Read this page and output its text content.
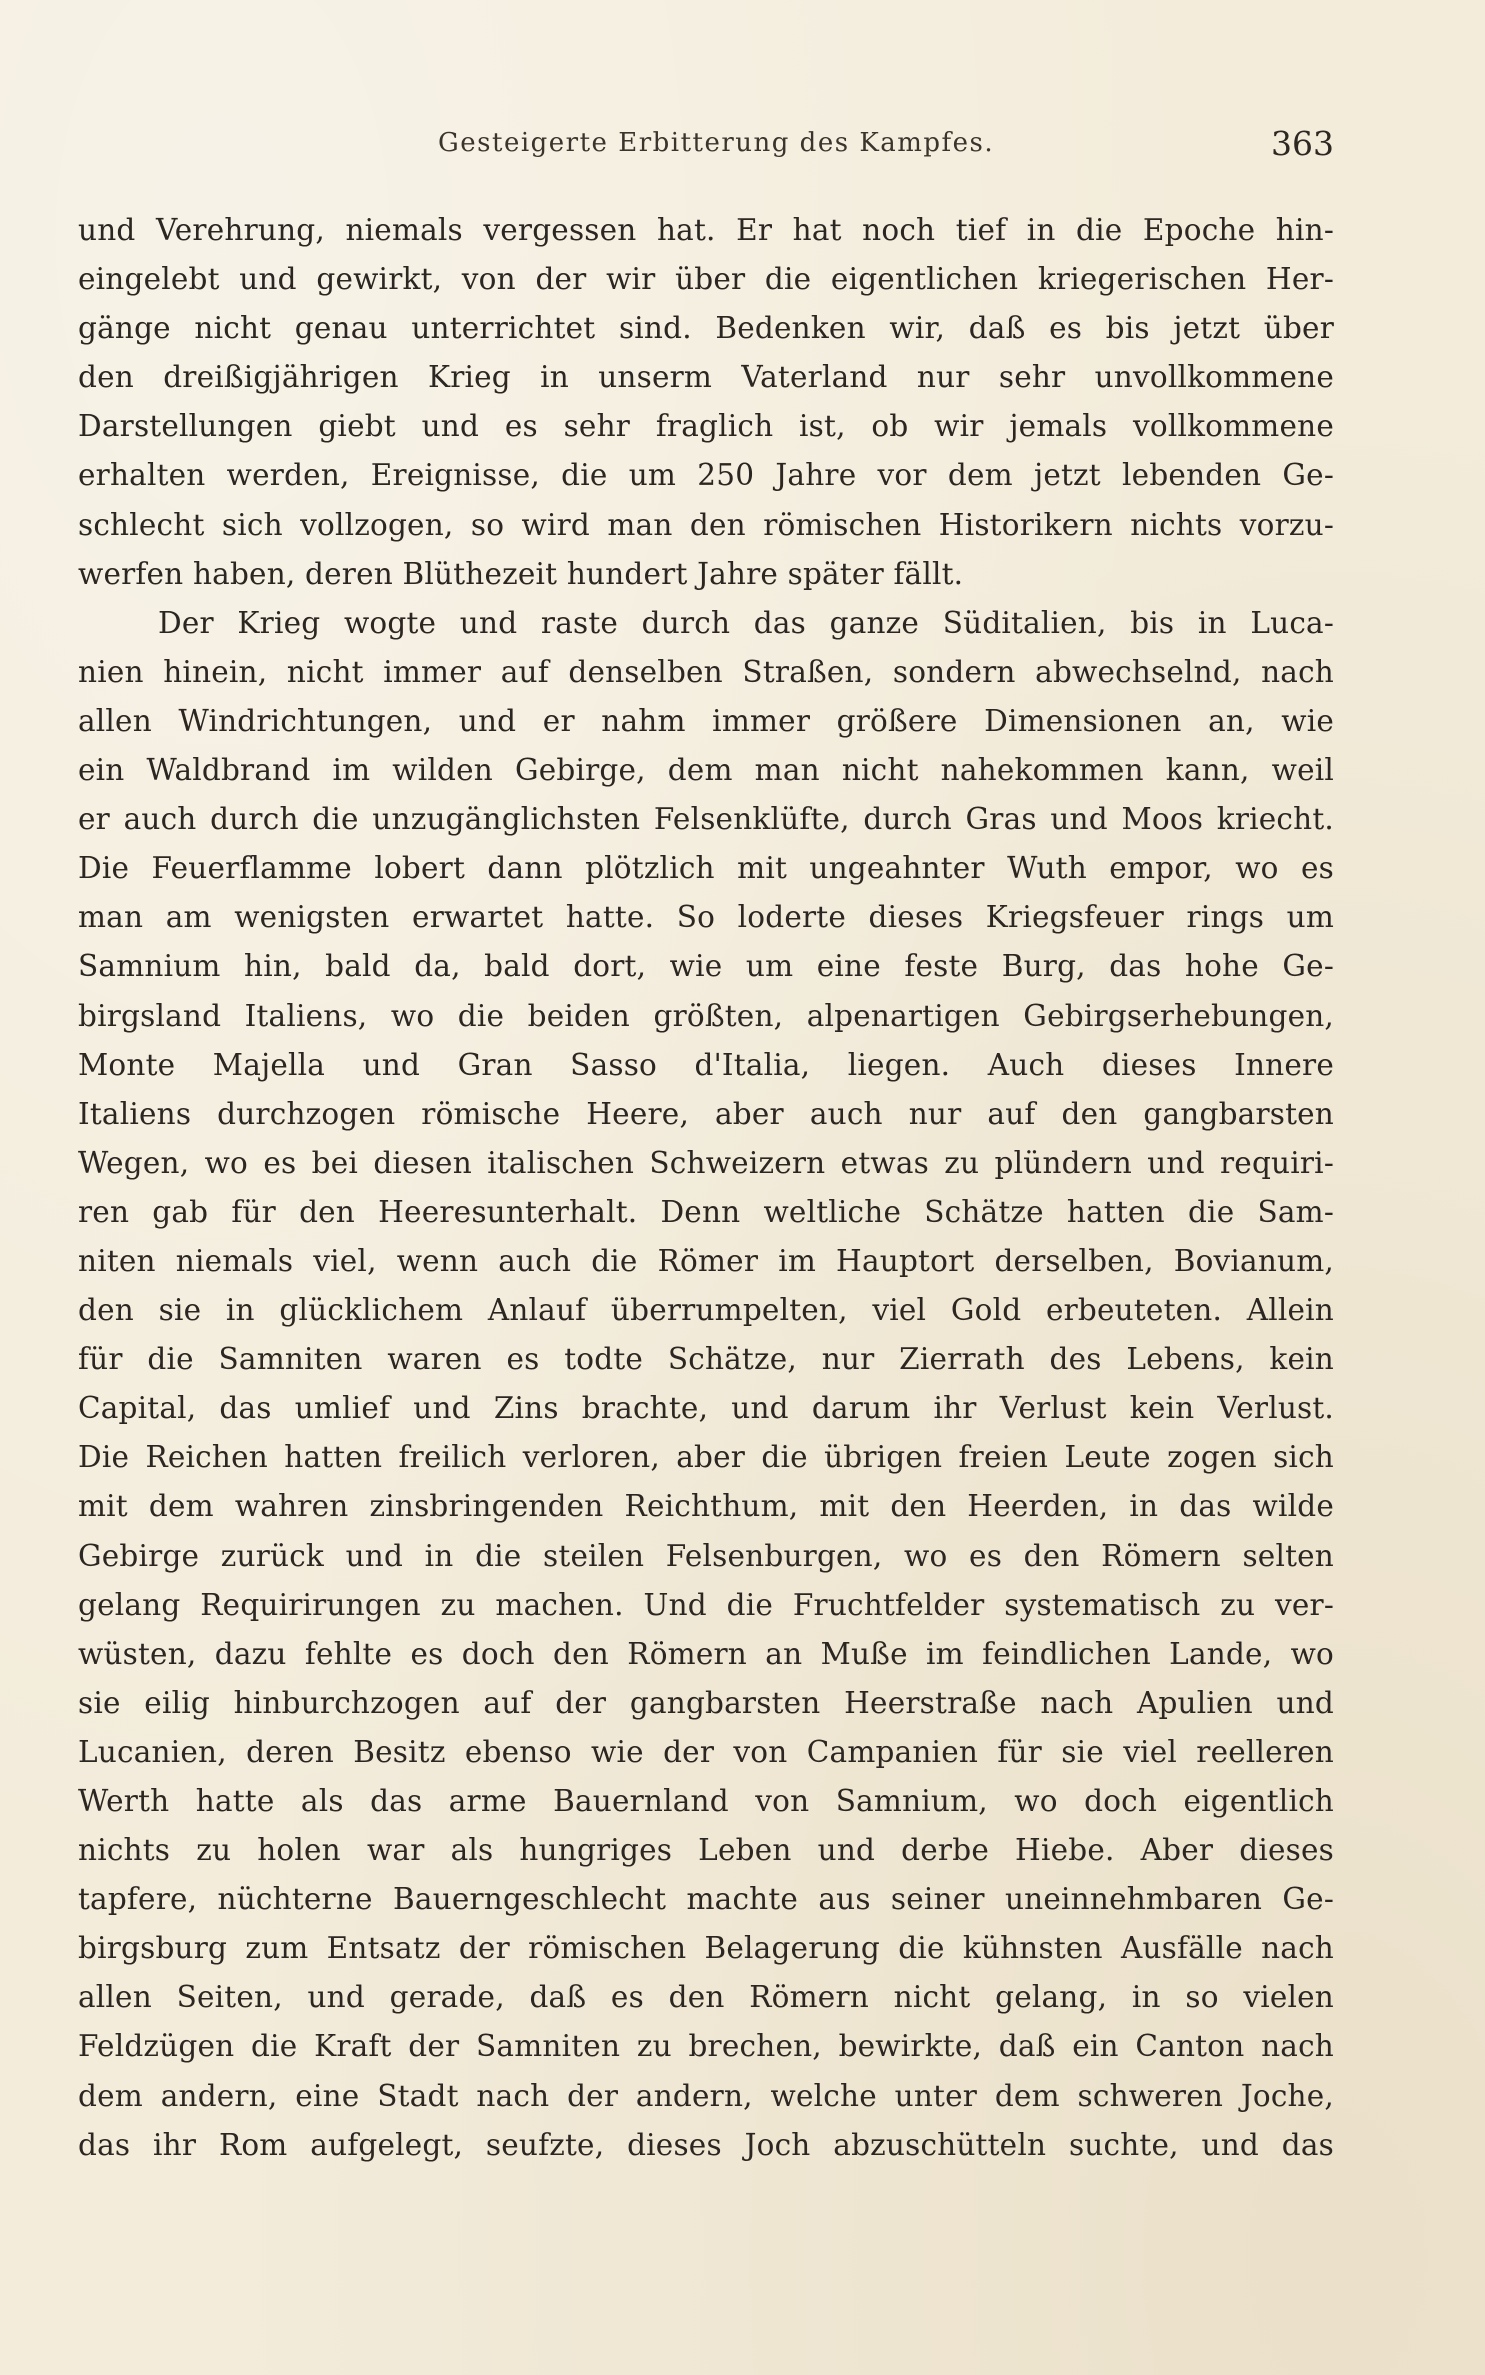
Gesteigerte Erbitterung des Kampfes.	363
und Verehrung, niemals vergessen hat. Er hat noch tief in die Epoche hin-
eingelebt und gewirkt, von der wir über die eigentlichen kriegerischen Her-
gänge nicht genau unterrichtet sind. Bedenken wir, daß es bis jetzt über
den dreißigjährigen Krieg in unserm Vaterland nur sehr unvollkommene
Darstellungen giebt und es sehr fraglich ist, ob wir jemals vollkommene
erhalten werden, Ereignisse, die um 250 Jahre vor dem jetzt lebenden Ge-
schlecht sich vollzogen, so wird man den römischen Historikern nichts vorzu-
werfen haben, deren Blüthezeit hundert Jahre später fällt.
Der Krieg wogte und raste durch das ganze Süditalien, bis in Luca-
nien hinein, nicht immer auf denselben Straßen, sondern abwechselnd, nach
allen Windrichtungen, und er nahm immer größere Dimensionen an, wie
ein Waldbrand im wilden Gebirge, dem man nicht nahekommen kann, weil
er auch durch die unzugänglichsten Felsenklüfte, durch Gras und Moos kriecht.
Die Feuerflamme lobert dann plötzlich mit ungeahnter Wuth empor, wo es
man am wenigsten erwartet hatte. So loderte dieses Kriegsfeuer rings um
Samnium hin, bald da, bald dort, wie um eine feste Burg, das hohe Ge-
birgsland Italiens, wo die beiden größten, alpenartigen Gebirgserhebungen,
Monte Majella und Gran Sasso d'Italia, liegen. Auch dieses Innere
Italiens durchzogen römische Heere, aber auch nur auf den gangbarsten
Wegen, wo es bei diesen italischen Schweizern etwas zu plündern und requiri-
ren gab für den Heeresunterhalt. Denn weltliche Schätze hatten die Sam-
niten niemals viel, wenn auch die Römer im Hauptort derselben, Bovianum,
den sie in glücklichem Anlauf überrumpelten, viel Gold erbeuteten. Allein
für die Samniten waren es todte Schätze, nur Zierrath des Lebens, kein
Capital, das umlief und Zins brachte, und darum ihr Verlust kein Verlust.
Die Reichen hatten freilich verloren, aber die übrigen freien Leute zogen sich
mit dem wahren zinsbringenden Reichthum, mit den Heerden, in das wilde
Gebirge zurück und in die steilen Felsenburgen, wo es den Römern selten
gelang Requirirungen zu machen. Und die Fruchtfelder systematisch zu ver-
wüsten, dazu fehlte es doch den Römern an Muße im feindlichen Lande, wo
sie eilig hinburchzogen auf der gangbarsten Heerstraße nach Apulien und
Lucanien, deren Besitz ebenso wie der von Campanien für sie viel reelleren
Werth hatte als das arme Bauernland von Samnium, wo doch eigentlich
nichts zu holen war als hungriges Leben und derbe Hiebe. Aber dieses
tapfere, nüchterne Bauerngeschlecht machte aus seiner uneinnehmbaren Ge-
birgsburg zum Entsatz der römischen Belagerung die kühnsten Ausfälle nach
allen Seiten, und gerade, daß es den Römern nicht gelang, in so vielen
Feldzügen die Kraft der Samniten zu brechen, bewirkte, daß ein Canton nach
dem andern, eine Stadt nach der andern, welche unter dem schweren Joche,
das ihr Rom aufgelegt, seufzte, dieses Joch abzuschütteln suchte, und das
